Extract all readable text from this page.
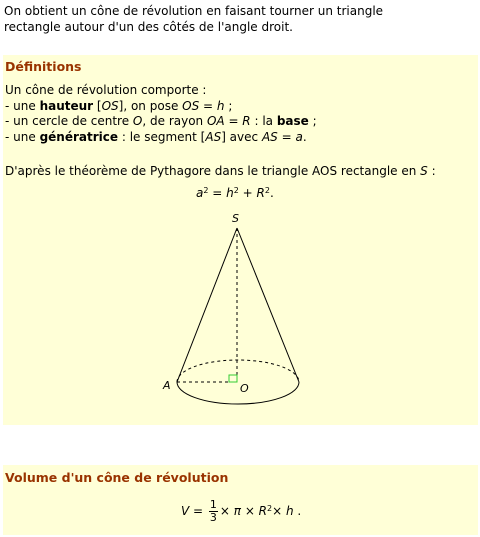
On obtient un cône de révolution en faisant tourner un triangle
rectangle autour d'un des côtés de l'angle droit.
Définitions
Un cône de révolution comporte :
- une hauteur [OS], on pose OS = h ;
- un cercle de centre O, de rayon OA = R : la base ;
- une génératrice : le segment [AS] avec AS = a.
D'après le théorème de Pythagore dans le triangle AOS rectangle en S :
$a^2 = h^2 + R^2$.
S
A	O
Volume d'un cône de révolution
$V = \frac{1}{3} \times \pi \times R^2\times h$ .
